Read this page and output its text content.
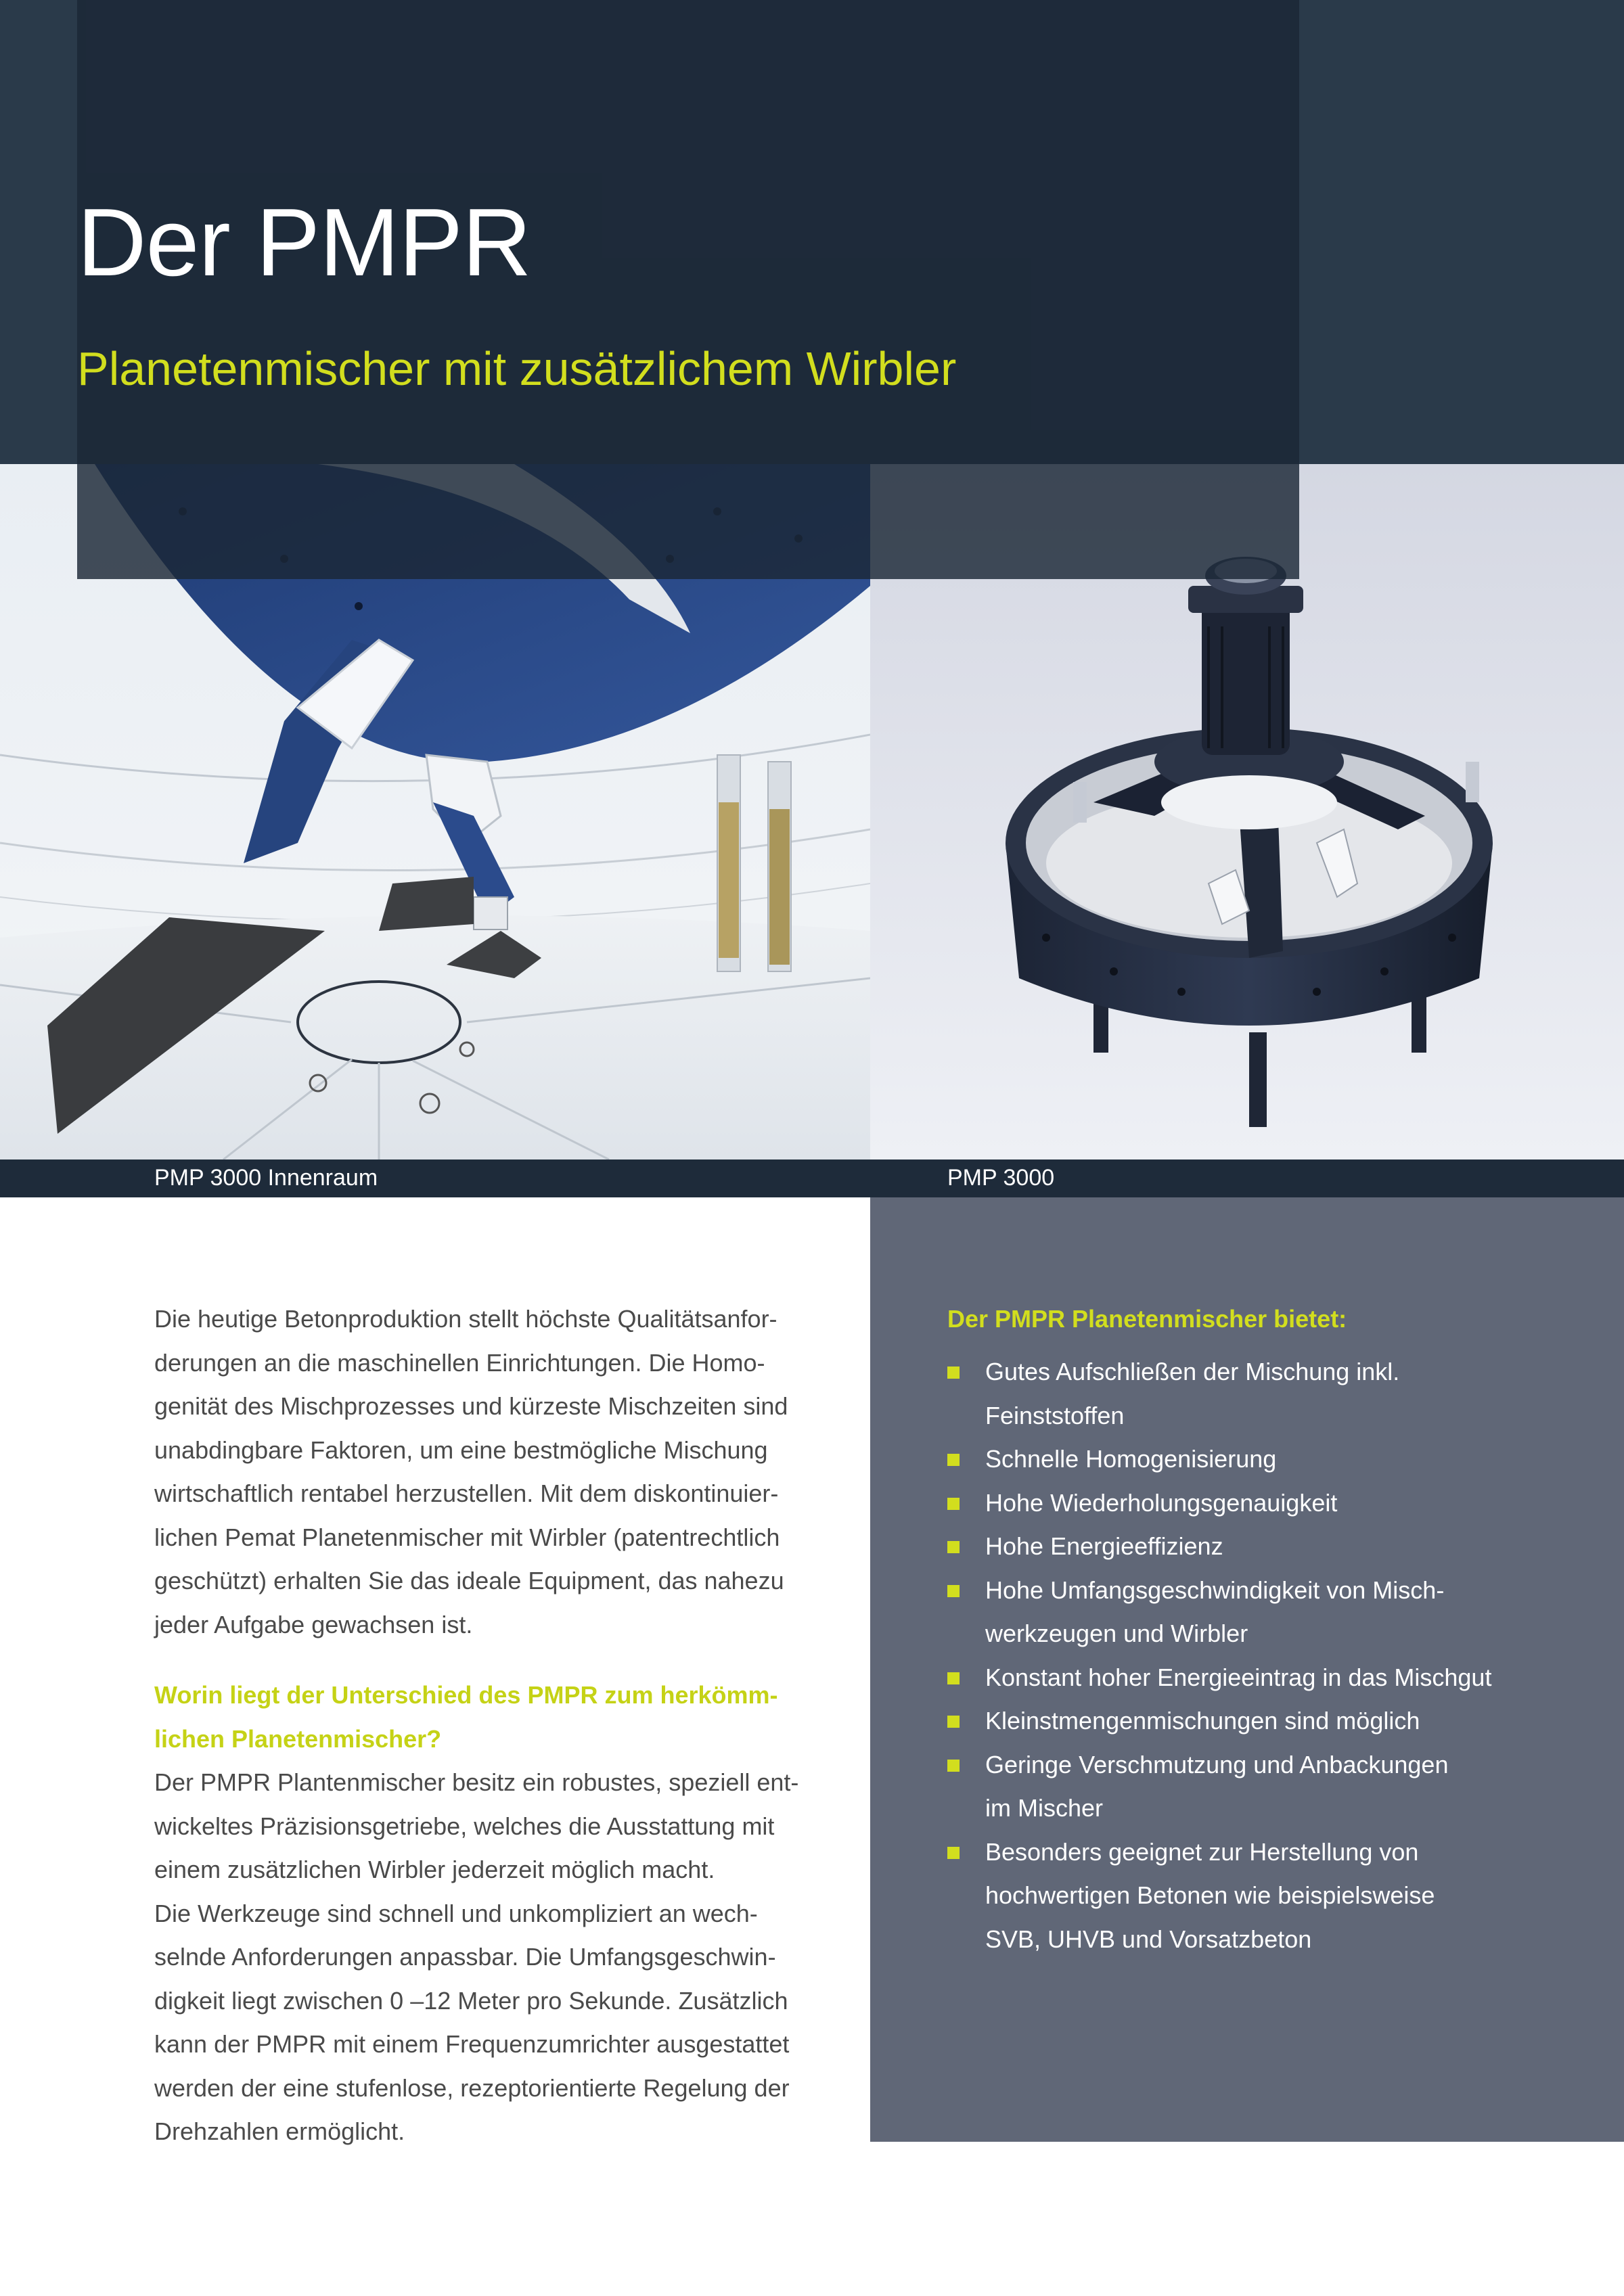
Der PMPR
Planetenmischer mit zusätzlichem Wirbler
PMP 3000 Innenraum	PMP 3000

Die heutige Betonproduktion stellt höchste Qualitätsanfor-
derungen an die maschinellen Einrichtungen. Die Homo-
genität des Mischprozesses und kürzeste Mischzeiten sind
unabdingbare Faktoren, um eine bestmögliche Mischung
wirtschaftlich rentabel herzustellen. Mit dem diskontinuier-
lichen Pemat Planetenmischer mit Wirbler (patentrechtlich
geschützt) erhalten Sie das ideale Equipment, das nahezu
jeder Aufgabe gewachsen ist.

Worin liegt der Unterschied des PMPR zum herkömm-
lichen Planetenmischer?

Der PMPR Plantenmischer besitz ein robustes, speziell ent-
wickeltes Präzisionsgetriebe, welches die Ausstattung mit
einem zusätzlichen Wirbler jederzeit möglich macht.
Die Werkzeuge sind schnell und unkompliziert an wech-
selnde Anforderungen anpassbar. Die Umfangsgeschwin-
digkeit liegt zwischen 0 –12 Meter pro Sekunde. Zusätzlich
kann der PMPR mit einem Frequenzumrichter ausgestattet
werden der eine stufenlose, rezeptorientierte Regelung der
Drehzahlen ermöglicht.

Der PMPR Planetenmischer bietet:

Gutes Aufschließen der Mischung inkl.
Feinststoffen
Schnelle Homogenisierung
Hohe Wiederholungsgenauigkeit
Hohe Energieeffizienz
Hohe Umfangsgeschwindigkeit von Misch-
werkzeugen und Wirbler
Konstant hoher Energieeintrag in das Mischgut
Kleinstmengenmischungen sind möglich
Geringe Verschmutzung und Anbackungen
im Mischer
Besonders geeignet zur Herstellung von
hochwertigen Betonen wie beispielsweise
SVB, UHVB und Vorsatzbeton
